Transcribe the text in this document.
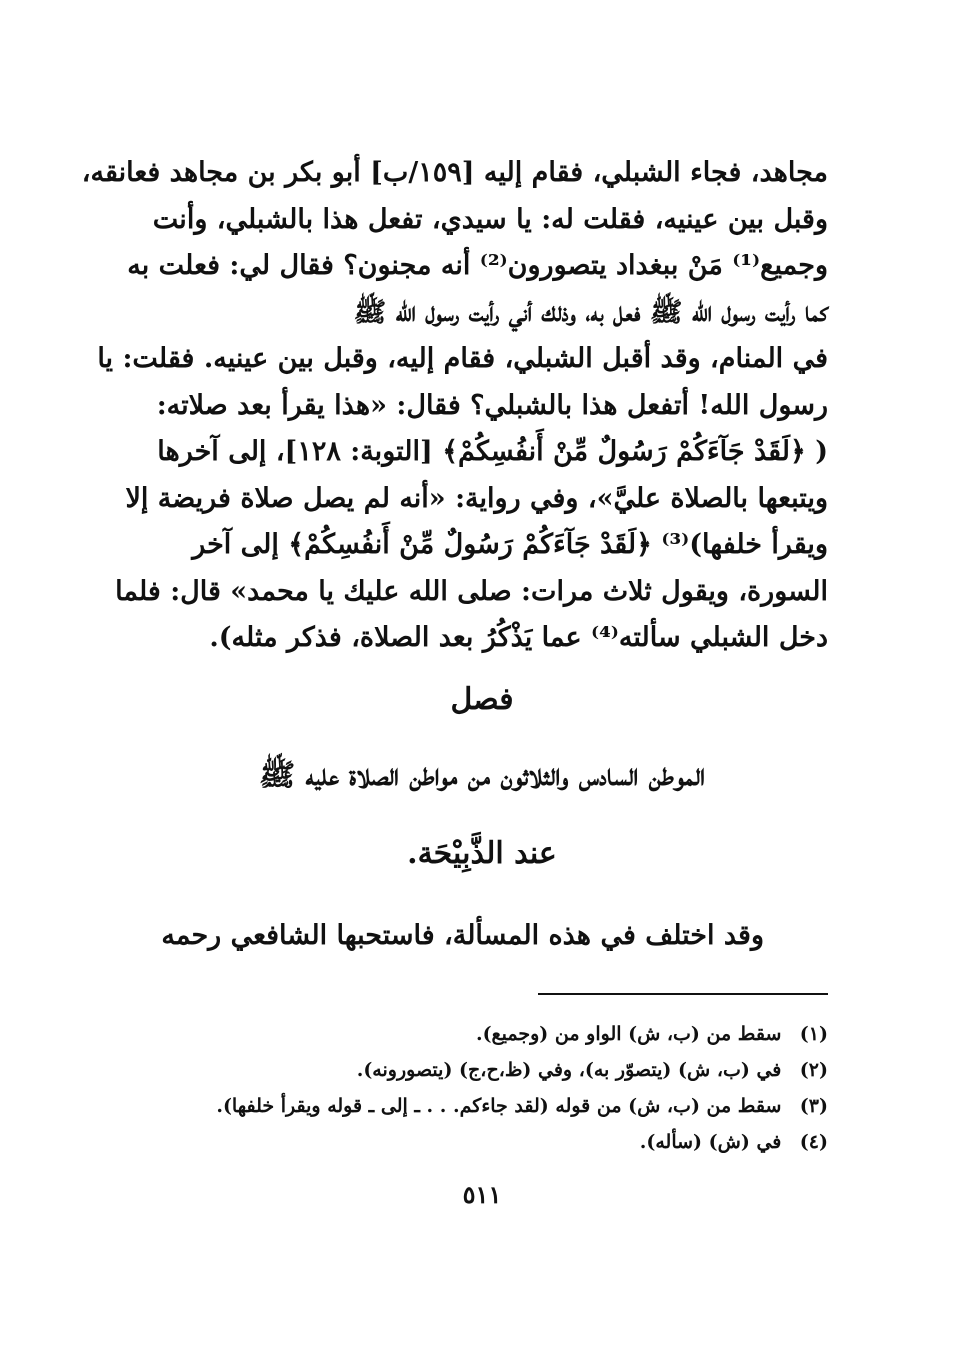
مجاهد، فجاء الشبلي، فقام إليه [١٥٩/ب] أبو بكر بن مجاهد فعانقه،
وقبل بين عينيه، فقلت له: يا سيدي، تفعل هذا بالشبلي، وأنت
وجميع⁽¹⁾ مَنْ ببغداد يتصورون⁽²⁾ أنه مجنون؟ فقال لي: فعلت به
كما رأيت رسول الله ﷺ فعل به، وذلك أني رأيت رسول الله ﷺ
في المنام، وقد أقبل الشبلي، فقام إليه، وقبل بين عينيه. فقلت: يا
رسول الله! أتفعل هذا بالشبلي؟ فقال: «هذا يقرأ بعد صلاته:
( ﴿لَقَدْ جَآءَكُمْ رَسُولٌ مِّنْ أَنفُسِكُمْ﴾ [التوبة: ١٢٨]، إلى آخرها
ويتبعها بالصلاة عليَّ»، وفي رواية: «أنه لم يصل صلاة فريضة إلا
ويقرأ خلفها)⁽³⁾ ﴿لَقَدْ جَآءَكُمْ رَسُولٌ مِّنْ أَنفُسِكُمْ﴾ إلى آخر
السورة، ويقول ثلاث مرات: صلى الله عليك يا محمد» قال: فلما
دخل الشبلي سألته⁽⁴⁾ عما يَذْكُرُ بعد الصلاة، فذكر مثله).
فصل
الموطن السادس والثلاثون من مواطن الصلاة عليه ﷺ
عند الذَّبِيْحَة.
وقد اختلف في هذه المسألة، فاستحبها الشافعي رحمه
(١) سقط من (ب، ش) الواو من (وجميع).
(٢) في (ب، ش) (يتصوّر به)، وفي (ظ،ح،ج) (يتصورونه).
(٣) سقط من (ب، ش) من قوله (لقد جاءكم. . . ـ إلى ـ قوله ويقرأ خلفها).
(٤) في (ش) (سأله).
٥١١
